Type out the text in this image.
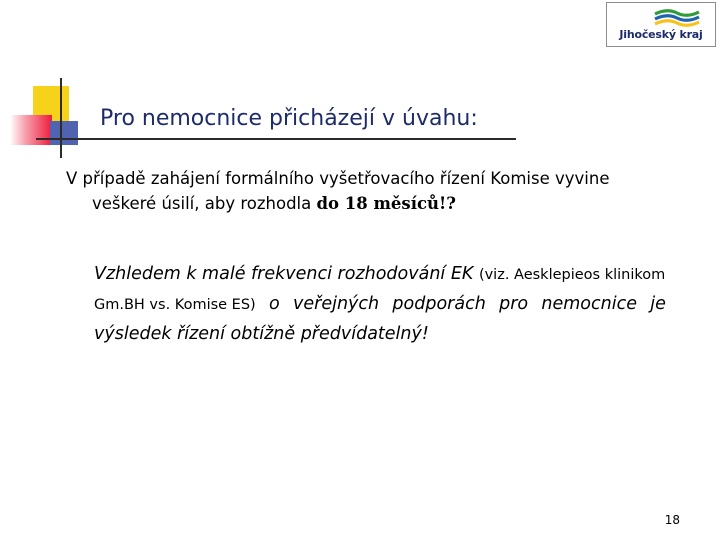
Jihočeský kraj
Pro nemocnice přicházejí v úvahu:
V případě zahájení formálního vyšetřovacího řízení Komise vyvine
veškeré úsilí, aby rozhodla do 18 měsíců!?
Vzhledem k malé frekvenci rozhodování EK (viz. Aesklepieos klinikom
Gm.BH vs. Komise ES) o veřejných podporách pro nemocnice je
výsledek řízení obtížně předvídatelný!
18
